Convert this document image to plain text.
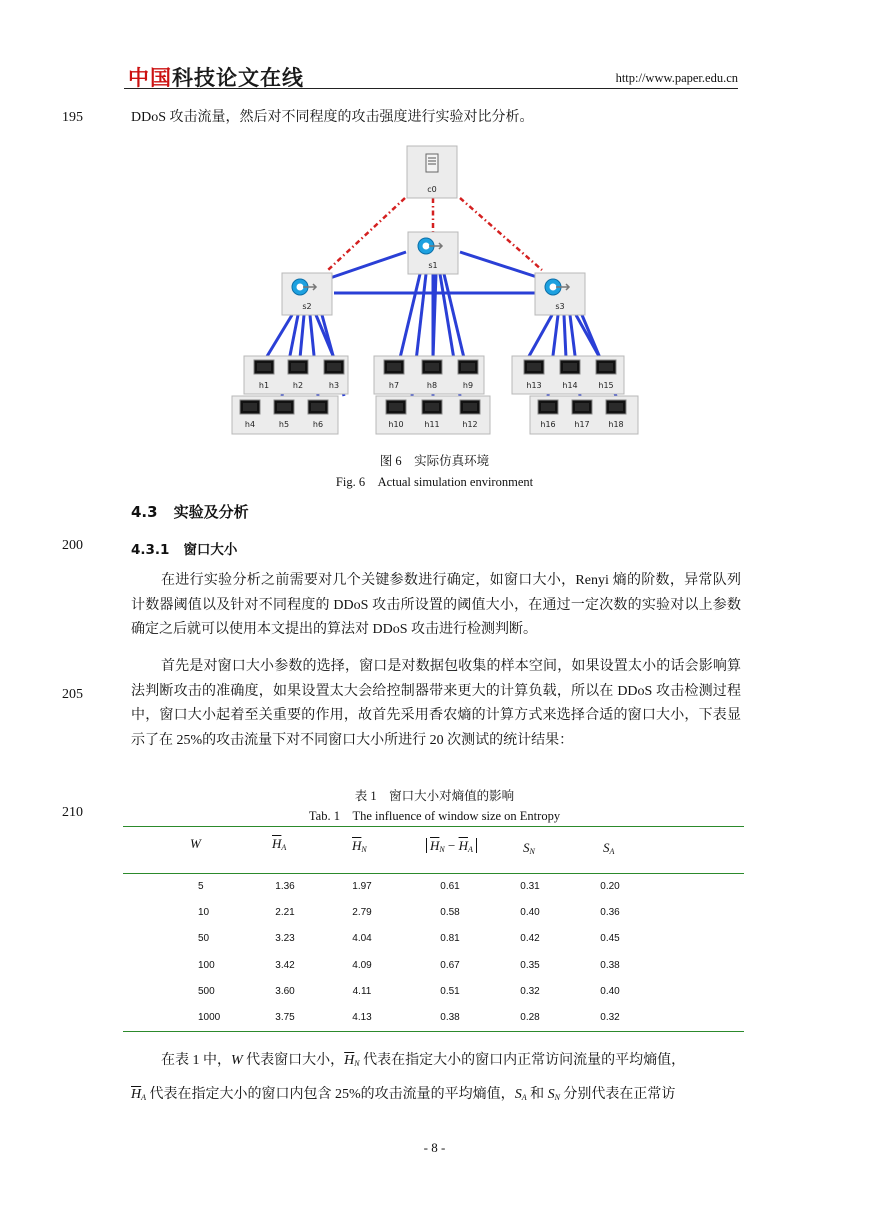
中国科技论文在线	http://www.paper.edu.cn
195
200
205
210
DDoS 攻击流量，然后对不同程度的攻击强度进行实验对比分析。
c0
s1
s2	s3
h1	h2	h3
h4	h5	h6
h7	h8	h9
h10	h11	h12
h13	h14	h15
h16 h17 h18
图 6　实际仿真环境
Fig. 6　Actual simulation environment
4.3 实验及分析
4.3.1 窗口大小
在进行实验分析之前需要对几个关键参数进行确定，如窗口大小，Renyi 熵的阶数，异常队列计数器阈值以及针对不同程度的 DDoS 攻击所设置的阈值大小，在通过一定次数的实验对以上参数确定之后就可以使用本文提出的算法对 DDoS 攻击进行检测判断。
首先是对窗口大小参数的选择，窗口是对数据包收集的样本空间，如果设置太小的话会影响算法判断攻击的准确度，如果设置太大会给控制器带来更大的计算负载，所以在 DDoS 攻击检测过程中，窗口大小起着至关重要的作用，故首先采用香农熵的计算方式来选择合适的窗口大小，下表显示了在 25%的攻击流量下对不同窗口大小所进行 20 次测试的统计结果：
表 1　窗口大小对熵值的影响
Tab. 1　The influence of window size on Entropy
W	$\overline{H}_A$	$\overline{H}_N$	$\overline{H}_N - \overline{H}_A$	$S_N$	$S_A$
5	1.36	1.97	0.61	0.31	0.20
10	2.21	2.79	0.58	0.40	0.36
50	3.23	4.04	0.81	0.42	0.45
100	3.42	4.09	0.67	0.35	0.38
500	3.60	4.11	0.51	0.32	0.40
1000	3.75	4.13	0.38	0.28	0.32
在表 1 中，W 代表窗口大小，$\overline{H}_N$ 代表在指定大小的窗口内正常访问流量的平均熵值，
$\overline{H}_A$ 代表在指定大小的窗口内包含 25%的攻击流量的平均熵值，$S_A$ 和 $S_N$ 分别代表在正常访
- 8 -
